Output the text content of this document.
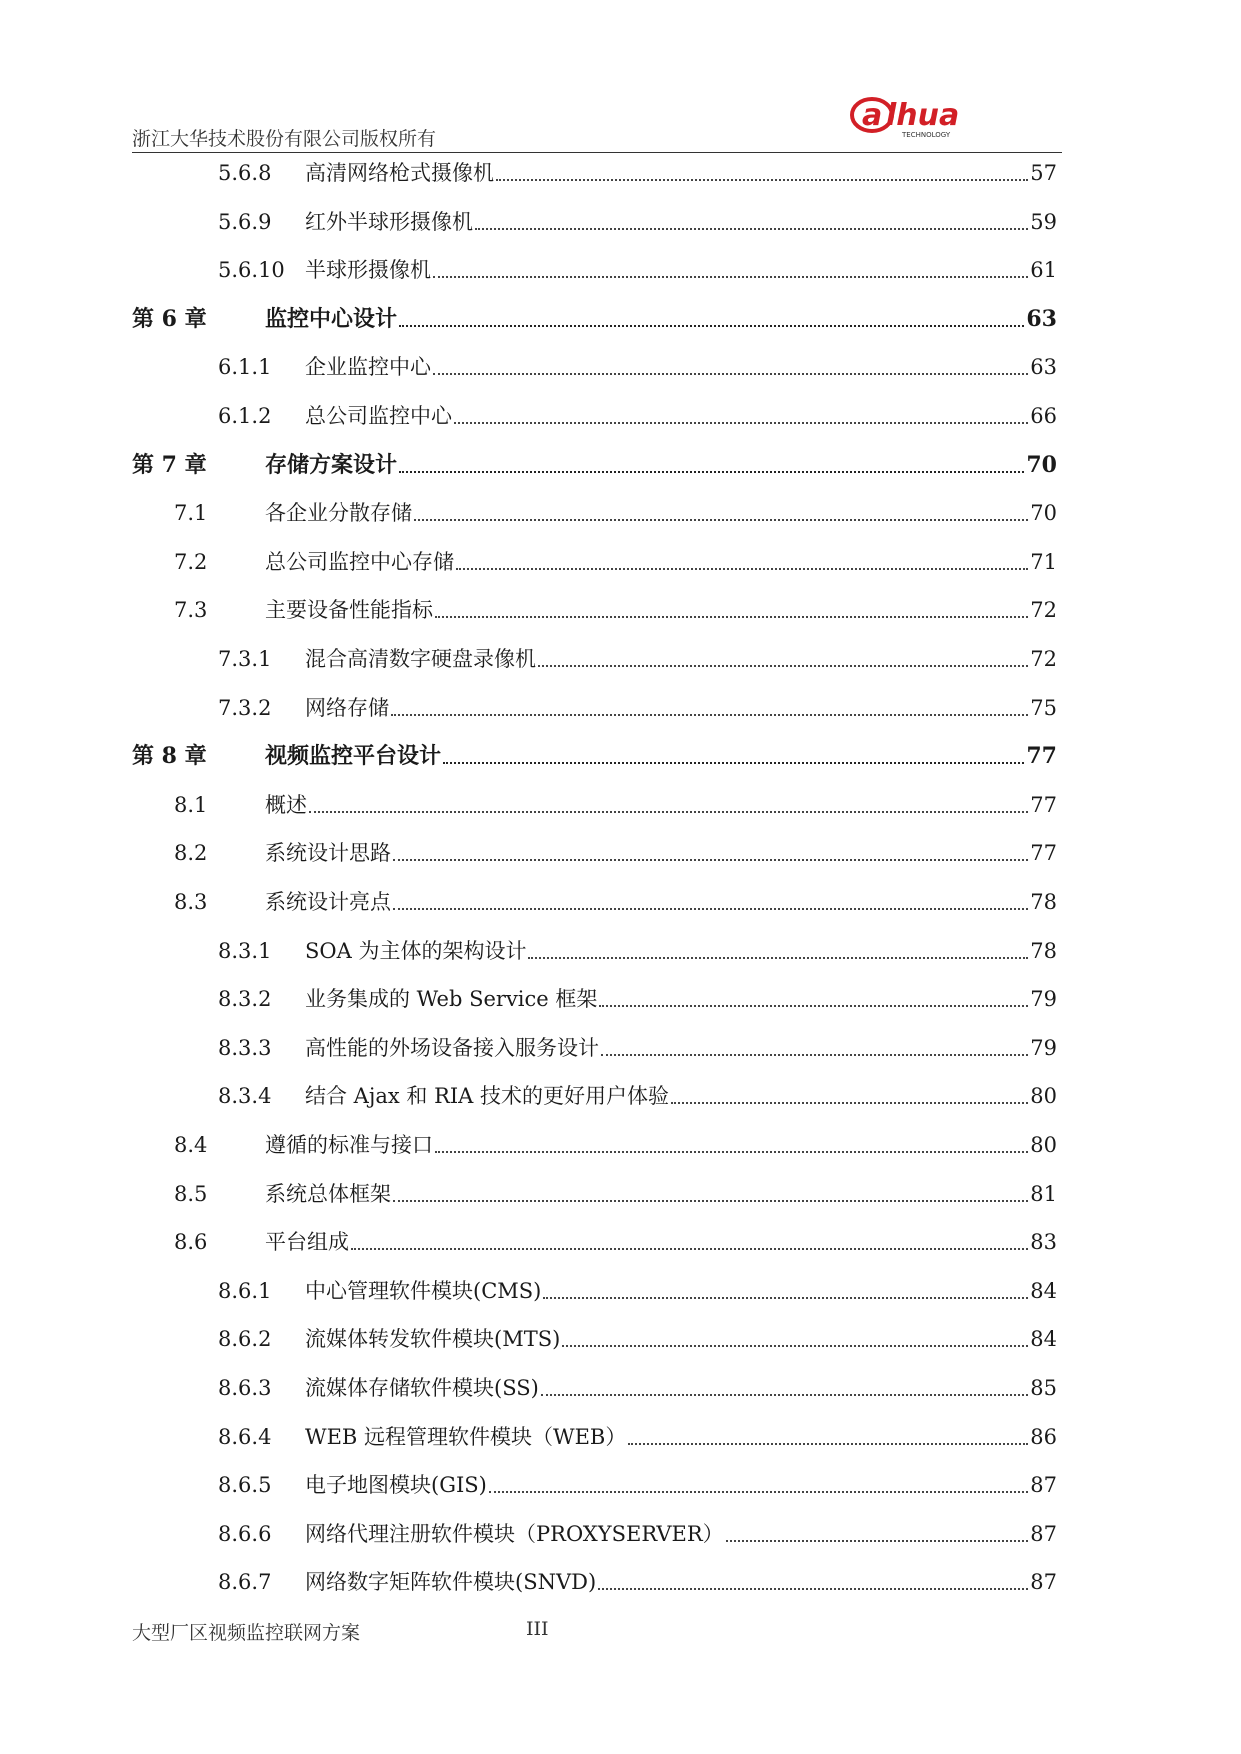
浙江大华技术股份有限公司版权所有
a lhua
TECHNOLOGY
5.6.8 高清网络枪式摄像机	57
5.6.9 红外半球形摄像机	59
5.6.10 半球形摄像机	61
第 6 章	监控中心设计	63
6.1.1 企业监控中心	63
6.1.2 总公司监控中心	66
第 7 章	存储方案设计	70
7.1	各企业分散存储	70
7.2	总公司监控中心存储	71
7.3	主要设备性能指标	72
7.3.1 混合高清数字硬盘录像机	72
7.3.2 网络存储	75
第 8 章	视频监控平台设计	77
8.1	概述	77
8.2	系统设计思路	77
8.3	系统设计亮点	78
8.3.1 SOA 为主体的架构设计	78
8.3.2 业务集成的 Web Service 框架	79
8.3.3 高性能的外场设备接入服务设计	79
8.3.4 结合 Ajax 和 RIA 技术的更好用户体验	80
8.4	遵循的标准与接口	80
8.5	系统总体框架	81
8.6	平台组成	83
8.6.1 中心管理软件模块(CMS)	84
8.6.2 流媒体转发软件模块(MTS)	84
8.6.3 流媒体存储软件模块(SS)	85
8.6.4 WEB 远程管理软件模块（WEB）	86
8.6.5 电子地图模块(GIS)	87
8.6.6 网络代理注册软件模块（PROXYSERVER）	87
8.6.7 网络数字矩阵软件模块(SNVD)	87
大型厂区视频监控联网方案	III
